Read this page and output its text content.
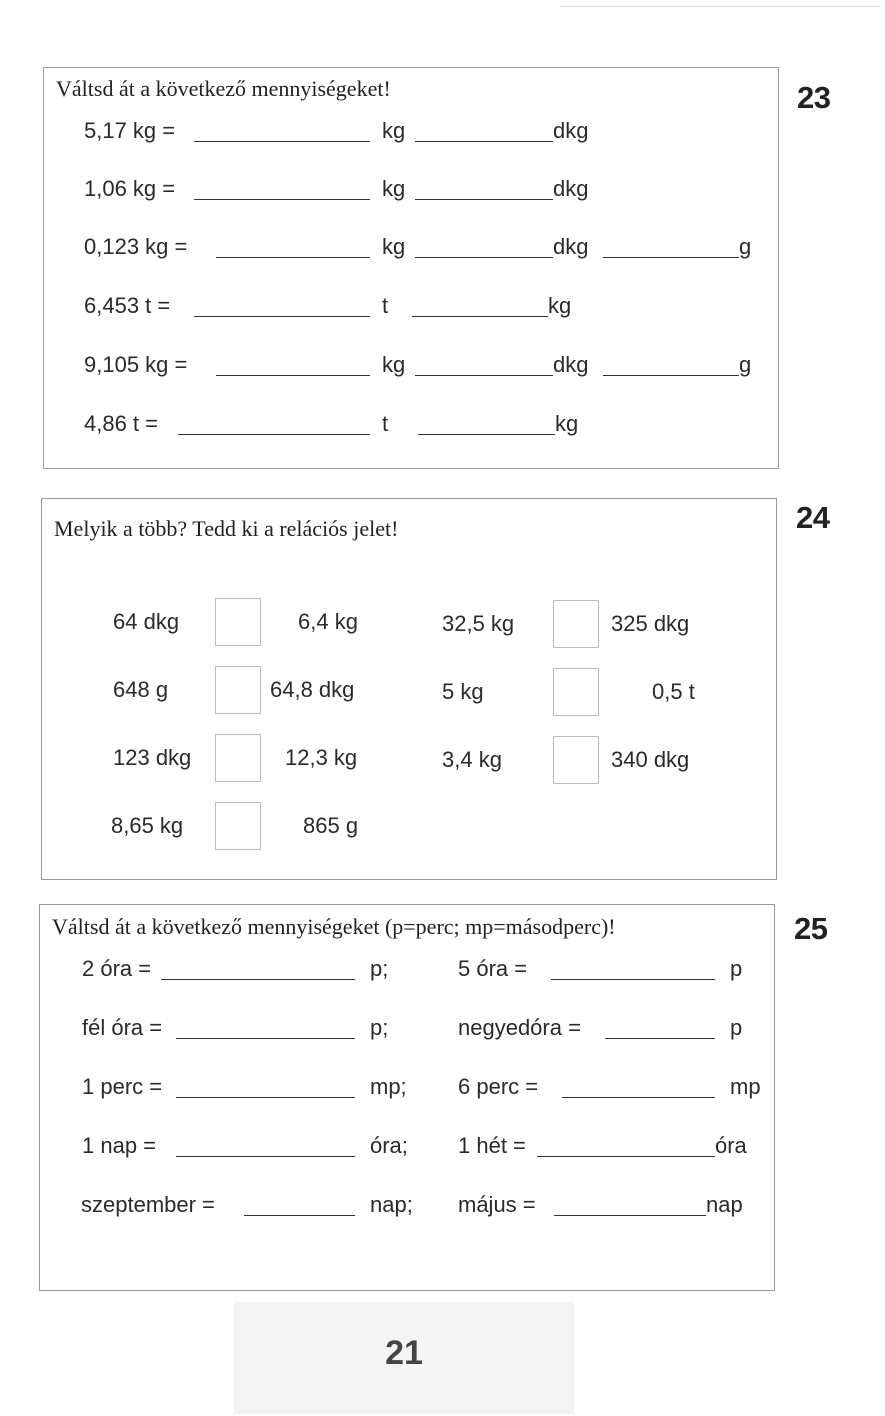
Váltsd át a következő mennyiségeket!	23
5,17 kg =	kg	dkg
1,06 kg =	kg	dkg
0,123 kg =	kg	dkg	g
6,453 t =	t	kg
9,105 kg =	kg	dkg	g
4,86 t =	t	kg
Melyik a több? Tedd ki a relációs jelet!	24
64 dkg	6,4 kg
648 g	64,8 dkg
123 dkg	12,3 kg
8,65 kg	865 g
32,5 kg	325 dkg
5 kg	0,5 t
3,4 kg	340 dkg
Váltsd át a következő mennyiségeket (p=perc; mp=másodperc)!	25
2 óra =	p;	5 óra =	p
fél óra =	p;	negyedóra =	p
1 perc =	mp; 6 perc =	mp
1 nap =	óra; 1 hét =	óra
szeptember =	nap; május =	nap
21
